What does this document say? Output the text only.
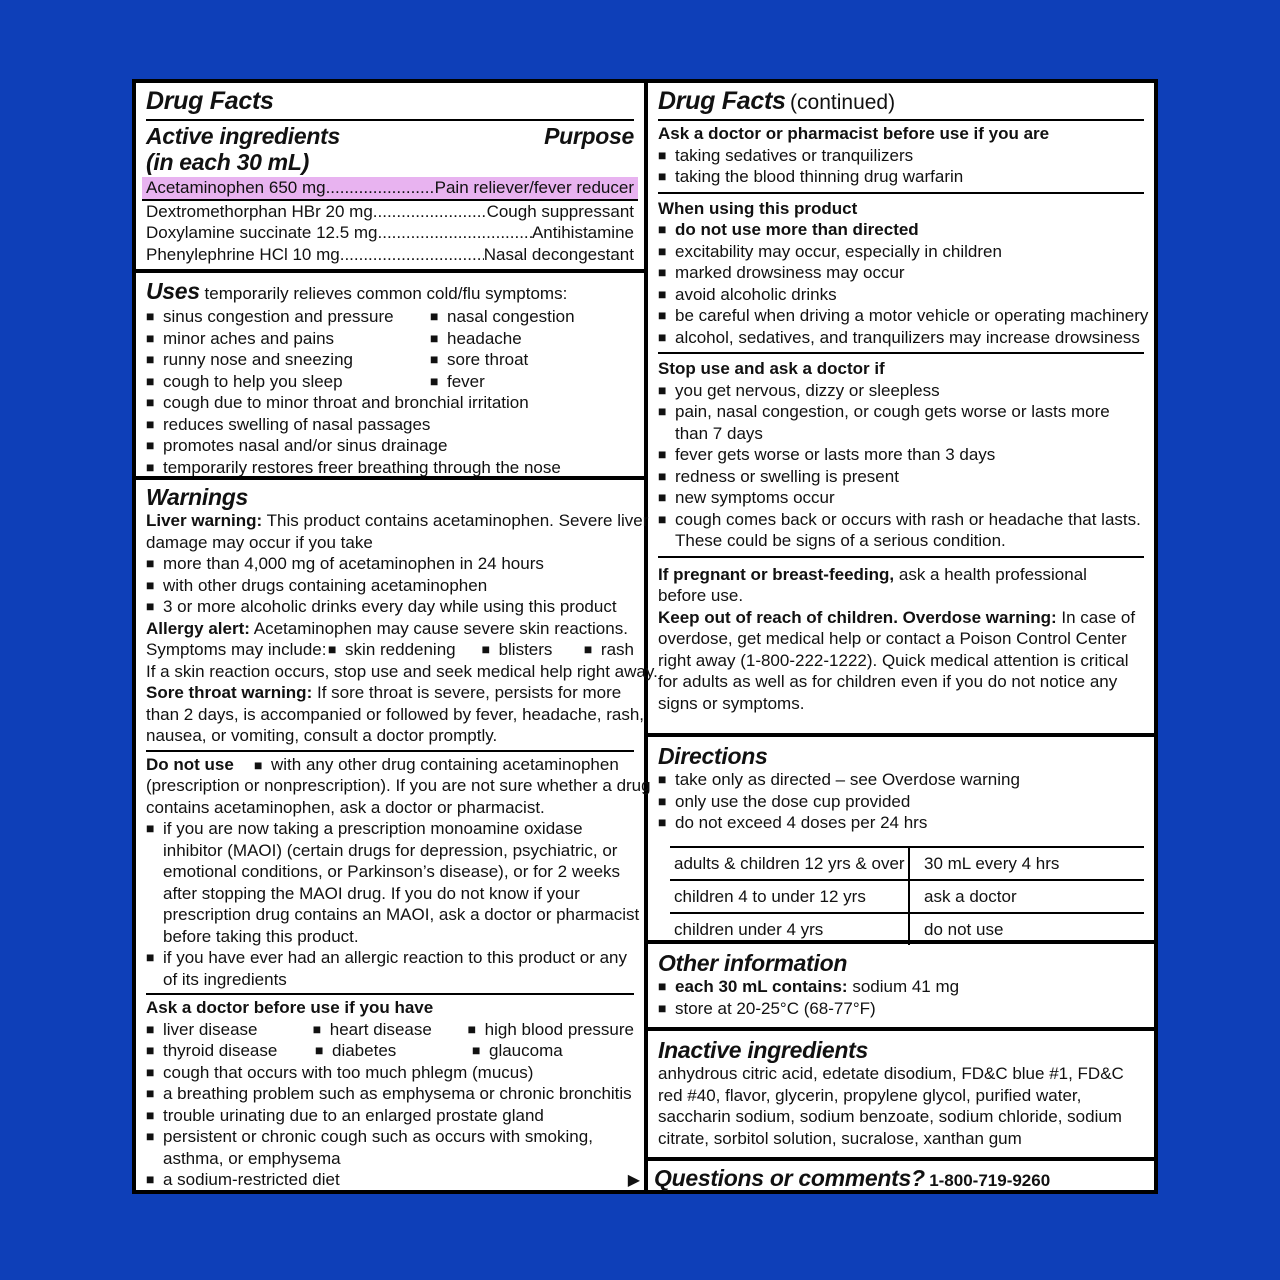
Drug Facts
Active ingredients
(in each 30 mL)
Purpose
Acetaminophen 650 mg .....	Pain reliever/fever reducer
Dextromethorphan HBr 20 mg .....	Cough suppressant
Doxylamine succinate 12.5 mg .....	Antihistamine
Phenylephrine HCl 10 mg .....	Nasal decongestant
Uses temporarily relieves common cold/flu symptoms:
■ sinus congestion and pressure	■ nasal congestion
■ minor aches and pains	■ headache
■ runny nose and sneezing	■ sore throat
■ cough to help you sleep	■ fever
■ cough due to minor throat and bronchial irritation
■ reduces swelling of nasal passages
■ promotes nasal and/or sinus drainage
■ temporarily restores freer breathing through the nose
Warnings
Liver warning: This product contains acetaminophen. Severe liver
damage may occur if you take
■ more than 4,000 mg of acetaminophen in 24 hours
■ with other drugs containing acetaminophen
■ 3 or more alcoholic drinks every day while using this product
Allergy alert: Acetaminophen may cause severe skin reactions.
Symptoms may include:	■ skin reddening	■ blisters	■ rash
If a skin reaction occurs, stop use and seek medical help right away.
Sore throat warning: If sore throat is severe, persists for more
than 2 days, is accompanied or followed by fever, headache, rash,
nausea, or vomiting, consult a doctor promptly.
Do not use ■ with any other drug containing acetaminophen
(prescription or nonprescription). If you are not sure whether a drug
contains acetaminophen, ask a doctor or pharmacist.
■ if you are now taking a prescription monoamine oxidase
inhibitor (MAOI) (certain drugs for depression, psychiatric, or
emotional conditions, or Parkinson’s disease), or for 2 weeks
after stopping the MAOI drug. If you do not know if your
prescription drug contains an MAOI, ask a doctor or pharmacist
before taking this product.
■ if you have ever had an allergic reaction to this product or any
of its ingredients
Ask a doctor before use if you have
■ liver disease	■ heart disease	■ high blood pressure
■ thyroid disease	■ diabetes	■ glaucoma
■ cough that occurs with too much phlegm (mucus)
■ a breathing problem such as emphysema or chronic bronchitis
■ trouble urinating due to an enlarged prostate gland
■ persistent or chronic cough such as occurs with smoking,
asthma, or emphysema
■ a sodium-restricted diet	▶
Drug Facts (continued)
Ask a doctor or pharmacist before use if you are
■ taking sedatives or tranquilizers
■ taking the blood thinning drug warfarin
When using this product
■ do not use more than directed
■ excitability may occur, especially in children
■ marked drowsiness may occur
■ avoid alcoholic drinks
■ be careful when driving a motor vehicle or operating machinery
■ alcohol, sedatives, and tranquilizers may increase drowsiness
Stop use and ask a doctor if
■ you get nervous, dizzy or sleepless
■ pain, nasal congestion, or cough gets worse or lasts more
than 7 days
■ fever gets worse or lasts more than 3 days
■ redness or swelling is present
■ new symptoms occur
■ cough comes back or occurs with rash or headache that lasts.
These could be signs of a serious condition.
If pregnant or breast-feeding, ask a health professional
before use.
Keep out of reach of children. Overdose warning: In case of
overdose, get medical help or contact a Poison Control Center
right away (1-800-222-1222). Quick medical attention is critical
for adults as well as for children even if you do not notice any
signs or symptoms.
Directions
■ take only as directed – see Overdose warning
■ only use the dose cup provided
■ do not exceed 4 doses per 24 hrs
adults & children 12 yrs & over	30 mL every 4 hrs
children 4 to under 12 yrs	ask a doctor
children under 4 yrs	do not use
Other information
■ each 30 mL contains: sodium 41 mg
■ store at 20-25°C (68-77°F)
Inactive ingredients
anhydrous citric acid, edetate disodium, FD&C blue #1, FD&C
red #40, flavor, glycerin, propylene glycol, purified water,
saccharin sodium, sodium benzoate, sodium chloride, sodium
citrate, sorbitol solution, sucralose, xanthan gum
Questions or comments? 1-800-719-9260
